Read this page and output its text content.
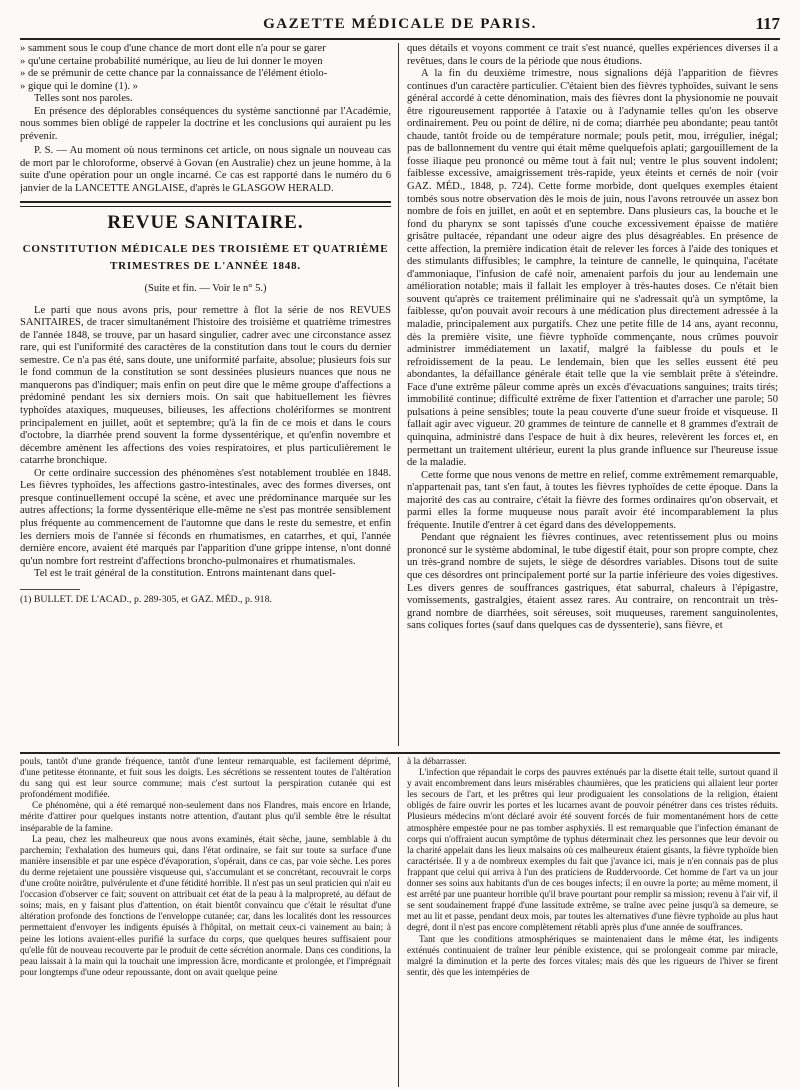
GAZETTE MÉDICALE DE PARIS.	117

» samment sous le coup d'une chance de mort dont elle n'a pour se garer
» qu'une certaine probabilité numérique, au lieu de lui donner le moyen
» de se prémunir de cette chance par la connaissance de l'élément étiolo-
» gique qui le domine (1). »

Telles sont nos paroles.

En présence des déplorables conséquences du système sanctionné par l'Académie, nous sommes bien obligé de rappeler la doctrine et les conclusions qui auraient pu les prévenir.

P. S. — Au moment où nous terminons cet article, on nous signale un nouveau cas de mort par le chloroforme, observé à Govan (en Australie) chez un jeune homme, à la suite d'une opération pour un ongle incarné. Ce cas est rapporté dans le numéro du 6 janvier de la LANCETTE ANGLAISE, d'après le GLASGOW HERALD.

REVUE SANITAIRE.
CONSTITUTION MÉDICALE DES TROISIÈME ET QUATRIÈME
TRIMESTRES DE L'ANNÉE 1848.
(Suite et fin. — Voir le n° 5.)

Le parti que nous avons pris, pour remettre à flot la série de nos REVUES SANITAIRES, de tracer simultanément l'histoire des troisième et quatrième trimestres de l'année 1848, se trouve, par un hasard singulier, cadrer avec une circonstance assez rare, qui est l'uniformité des caractères de la constitution dans tout le cours du dernier semestre. Ce n'a pas été, sans doute, une uniformité parfaite, absolue; plusieurs fois sur le fond commun de la constitution se sont dessinées plusieurs nuances que nous ne manquerons pas d'indiquer; mais enfin on peut dire que le même groupe d'affections a prédominé pendant les six derniers mois. On sait que habituellement les fièvres typhoïdes ataxiques, muqueuses, bilieuses, les affections cholériformes se montrent principalement en juillet, août et septembre; qu'à la fin de ce mois et dans le cours d'octobre, la diarrhée prend souvent la forme dyssentérique, et qu'enfin novembre et décembre amènent les affections des voies respiratoires, et plus particulièrement le catarrhe bronchique.

Or cette ordinaire succession des phénomènes s'est notablement troublée en 1848. Les fièvres typhoïdes, les affections gastro-intestinales, avec des formes diverses, ont presque continuellement occupé la scène, et avec une prédominance marquée sur les autres affections; la forme dyssentérique elle-même ne s'est pas montrée sensiblement plus fréquente au commencement de l'automne que dans le reste du semestre, et enfin les derniers mois de l'année si féconds en rhumatismes, en catarrhes, et qui, l'année dernière encore, avaient été marqués par l'apparition d'une grippe intense, n'ont donné qu'un nombre fort restreint d'affections broncho-pulmonaires et rhumatismales.

Tel est le trait général de la constitution. Entrons maintenant dans quel-

(1) BULLET. DE L'ACAD., p. 289-305, et GAZ. MÉD., p. 918.

ques détails et voyons comment ce trait s'est nuancé, quelles expériences diverses il a revêtues, dans le cours de la période que nous étudions.

A la fin du deuxième trimestre, nous signalions déjà l'apparition de fièvres continues d'un caractère particulier. C'étaient bien des fièvres typhoïdes, suivant le sens général accordé à cette dénomination, mais des fièvres dont la physionomie ne pouvait être rigoureusement rapportée à l'ataxie ou à l'adynamie telles qu'on les observe ordinairement. Peu ou point de délire, ni de coma; diarrhée peu abondante; peau tantôt chaude, tantôt froide ou de température normale; pouls petit, mou, irrégulier, inégal; pas de ballonnement du ventre qui était même quelquefois aplati; gargouillement de la fosse iliaque peu prononcé ou même tout à fait nul; ventre le plus souvent indolent; faiblesse excessive, amaigrissement très-rapide, yeux éteints et cernés de noir (voir GAZ. MÉD., 1848, p. 724). Cette forme morbide, dont quelques exemples étaient tombés sous notre observation dès le mois de juin, nous l'avons retrouvée un assez bon nombre de fois en juillet, en août et en septembre. Dans plusieurs cas, la bouche et le fond du pharynx se sont tapissés d'une couche excessivement épaisse de matière grisâtre pultacée, répandant une odeur aigre des plus désagréables. En présence de cette affection, la première indication était de relever les forces à l'aide des toniques et des stimulants diffusibles; le camphre, la teinture de cannelle, le quinquina, l'acétate d'ammoniaque, l'infusion de café noir, amenaient parfois du jour au lendemain une amélioration notable; mais il fallait les employer à très-hautes doses. Ce n'était bien souvent qu'après ce traitement préliminaire qui ne s'adressait qu'à un symptôme, la faiblesse, qu'on pouvait avoir recours à une médication plus directement adressée à la maladie, principalement aux purgatifs. Chez une petite fille de 14 ans, ayant reconnu, dès la première visite, une fièvre typhoïde commençante, nous crûmes pouvoir administrer immédiatement un laxatif, malgré la faiblesse du pouls et le refroidissement de la peau. Le lendemain, bien que les selles eussent été peu abondantes, la défaillance générale était telle que la vie semblait prête à s'éteindre. Face d'une extrême pâleur comme après un excès d'évacuations sanguines; traits tirés; immobilité continue; difficulté extrême de fixer l'attention et d'arracher une parole; 50 pulsations à peine sensibles; toute la peau couverte d'une sueur froide et visqueuse. Il fallait agir avec vigueur. 20 grammes de teinture de cannelle et 8 grammes d'extrait de quinquina, administré dans l'espace de huit à dix heures, relevèrent les forces et, en permettant un traitement ultérieur, eurent la plus grande influence sur l'heureuse issue de la maladie.

Cette forme que nous venons de mettre en relief, comme extrêmement remarquable, n'appartenait pas, tant s'en faut, à toutes les fièvres typhoïdes de cette époque. Dans la majorité des cas au contraire, c'était la fièvre des formes ordinaires qu'on observait, et parmi elles la forme muqueuse nous paraît avoir été incomparablement la plus fréquente. Inutile d'entrer à cet égard dans des développements.

Pendant que régnaient les fièvres continues, avec retentissement plus ou moins prononcé sur le système abdominal, le tube digestif était, pour son propre compte, chez un très-grand nombre de sujets, le siège de désordres variables. Disons tout de suite que ces désordres ont principalement porté sur la partie inférieure des voies digestives. Les divers genres de souffrances gastriques, état saburral, chaleurs à l'épigastre, vomissements, gastralgies, étaient assez rares. Au contraire, on rencontrait un très-grand nombre de diarrhées, soit séreuses, soit muqueuses, rarement sanguinolentes, sans coliques fortes (sauf dans quelques cas de dyssenterie), sans fièvre, et

pouls, tantôt d'une grande fréquence, tantôt d'une lenteur remarquable, est facilement déprimé, d'une petitesse étonnante, et fuit sous les doigts. Les sécrétions se ressentent toutes de l'altération du sang qui est leur source commune; mais c'est surtout la perspiration cutanée qui est profondément modifiée.

Ce phénomène, qui a été remarqué non-seulement dans nos Flandres, mais encore en Irlande, mérite d'attirer pour quelques instants notre attention, d'autant plus qu'il semble être le résultat inséparable de la famine.

La peau, chez les malheureux que nous avons examinés, était sèche, jaune, semblable à du parchemin; l'exhalation des humeurs qui, dans l'état ordinaire, se fait sur toute sa surface d'une manière insensible et par une espèce d'évaporation, s'opérait, dans ce cas, par voie sèche. Les pores du derme rejetaient une poussière visqueuse qui, s'accumulant et se concrétant, recouvrait le corps d'une croûte noirâtre, pulvérulente et d'une fétidité horrible. Il n'est pas un seul praticien qui n'ait eu l'occasion d'observer ce fait; souvent on attribuait cet état de la peau à la malpropreté, au défaut de soins; mais, en y faisant plus d'attention, on était bientôt convaincu que c'était le résultat d'une altération profonde des fonctions de l'enveloppe cutanée; car, dans les localités dont les ressources permettaient d'envoyer les indigents épuisés à l'hôpital, on mettait ceux-ci vainement au bain; à peine les lotions avaient-elles purifié la surface du corps, que quelques heures suffisaient pour qu'elle fût de nouveau recouverte par le produit de cette sécrétion anormale. Dans ces conditions, la peau laissait à la main qui la touchait une impression âcre, mordicante et prolongée, et l'imprégnait pour longtemps d'une odeur repoussante, dont on avait quelque peine

à la débarrasser.

L'infection que répandait le corps des pauvres exténués par la disette était telle, surtout quand il y avait encombrement dans leurs misérables chaumières, que les praticiens qui allaient leur porter les secours de l'art, et les prêtres qui leur prodiguaient les consolations de la religion, étaient obligés de faire ouvrir les portes et les lucarnes avant de pouvoir pénétrer dans ces tristes réduits. Plusieurs médecins m'ont déclaré avoir été souvent forcés de fuir momentanément hors de cette atmosphère empestée pour ne pas tomber asphyxiés. Il est remarquable que l'infection émanant de corps qui n'offraient aucun symptôme de typhus déterminait chez les personnes que leur devoir ou la charité appelait dans les lieux malsains où ces malheureux étaient gisants, la fièvre typhoïde bien caractérisée. Il y a de nombreux exemples du fait que j'avance ici, mais je n'en connais pas de plus frappant que celui qui arriva à l'un des praticiens de Ruddervoorde. Cet homme de l'art va un jour donner ses soins aux habitants d'un de ces bouges infects; il en ouvre la porte; au même moment, il est arrêté par une puanteur horrible qu'il brave pourtant pour remplir sa mission; revenu à l'air vif, il se sent soudainement frappé d'une lassitude extrême, se traîne avec peine jusqu'à sa demeure, se met au lit et passe, pendant deux mois, par toutes les alternatives d'une fièvre typhoïde au plus haut degré, dont il n'est pas encore complètement rétabli après plus d'une année de souffrances.

Tant que les conditions atmosphériques se maintenaient dans le même état, les indigents exténués continuaient de traîner leur pénible existence, qui se prolongeait comme par miracle, malgré la diminution et la perte des forces vitales; mais dès que les rigueurs de l'hiver se firent sentir, dès que les intempéries de
